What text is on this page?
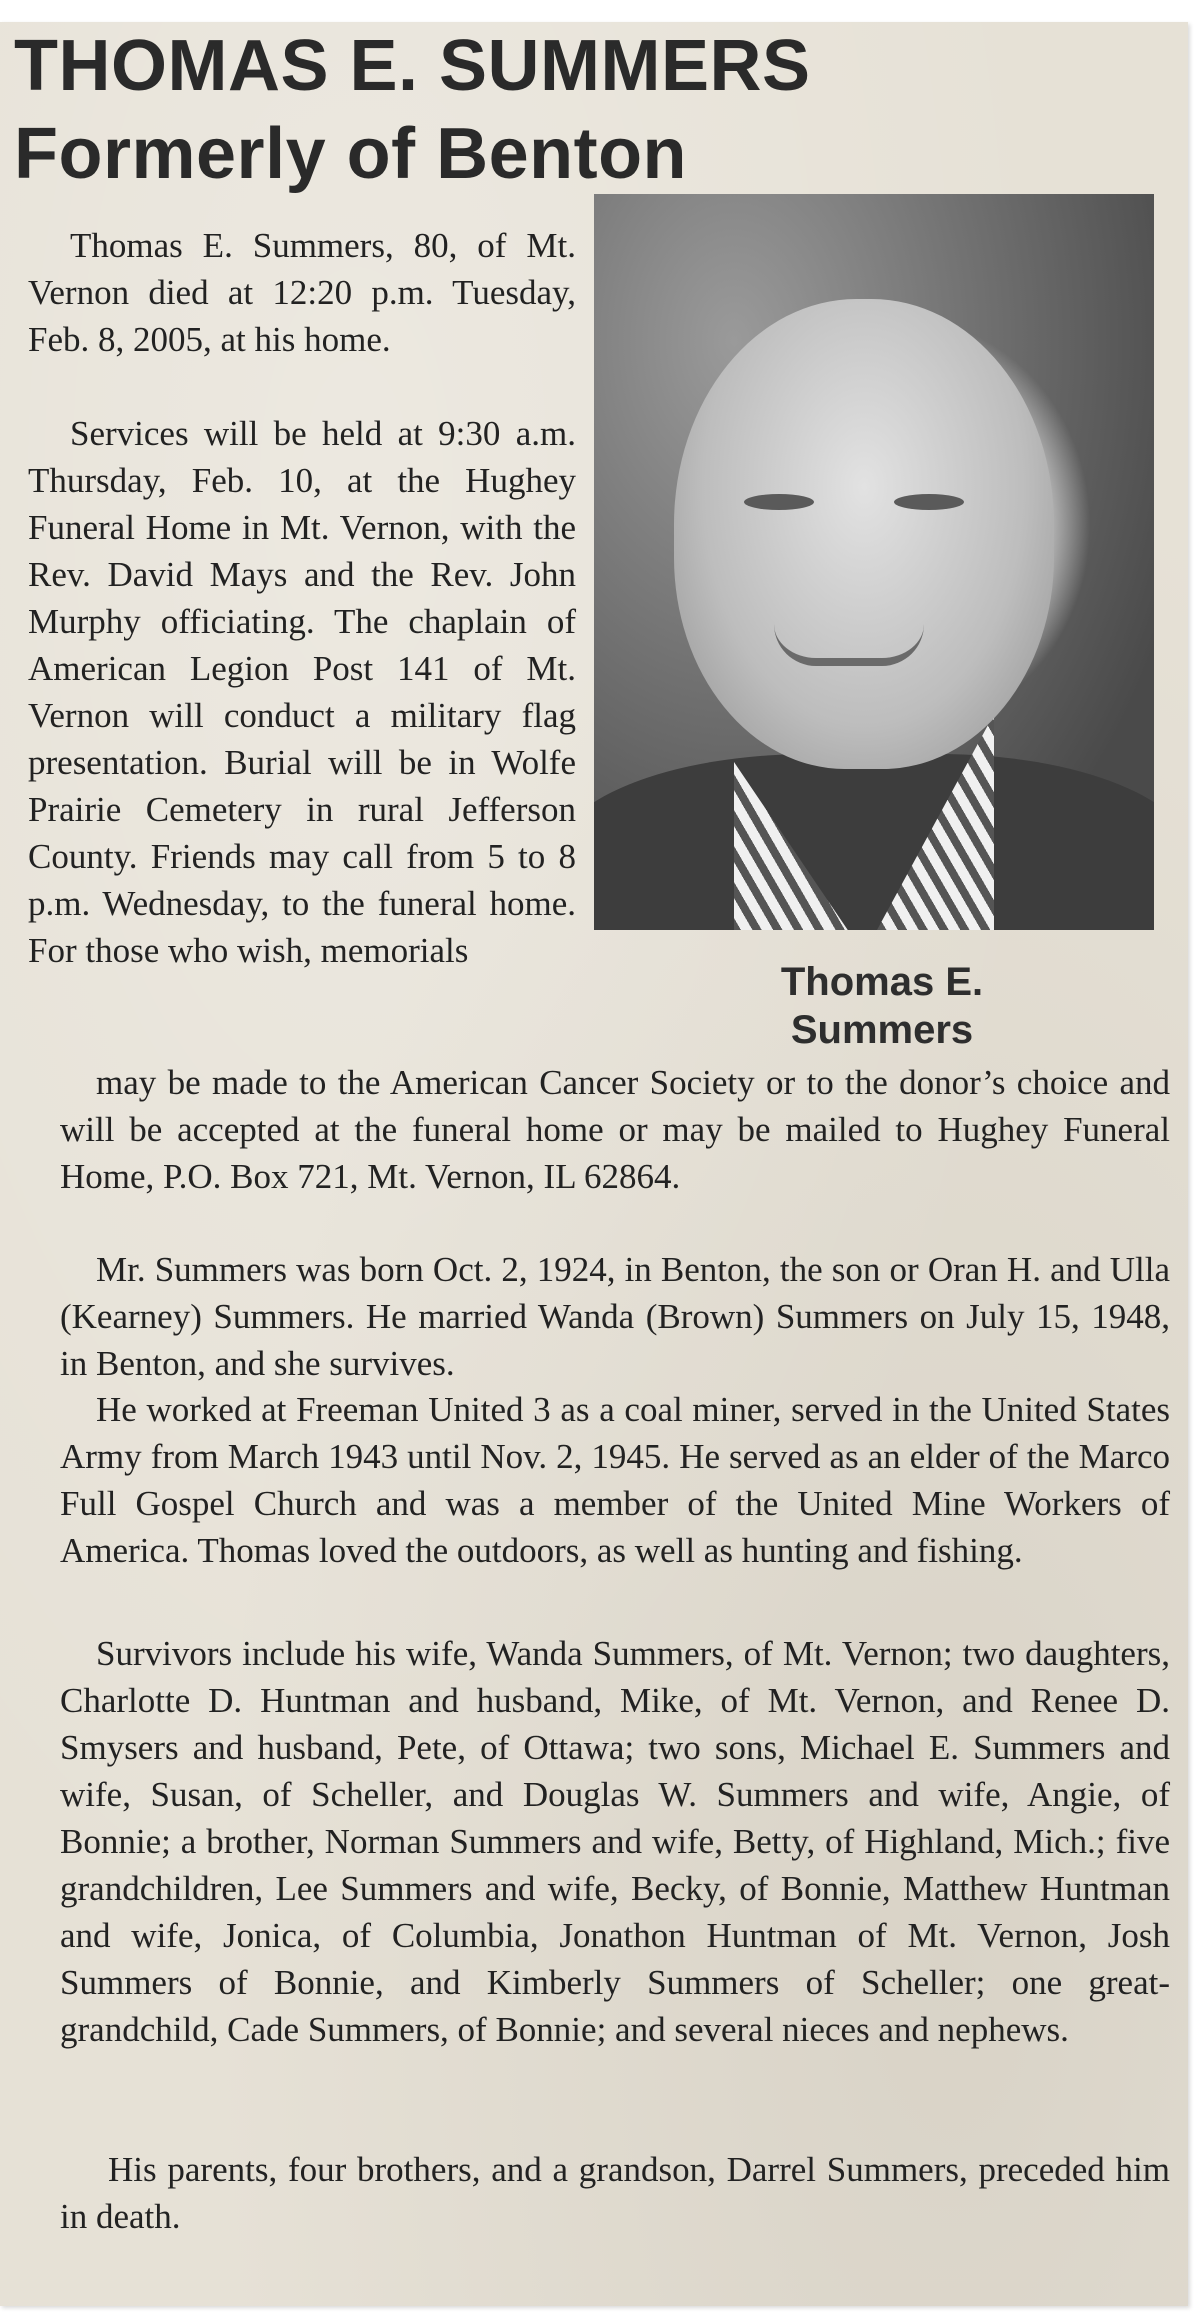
THOMAS E. SUMMERS
Formerly of Benton

Thomas E. Summers, 80, of Mt. Vernon died at 12:20 p.m. Tuesday, Feb. 8, 2005, at his home.

Services will be held at 9:30 a.m. Thursday, Feb. 10, at the Hughey Funeral Home in Mt. Vernon, with the Rev. David Mays and the Rev. John Murphy officiating. The chaplain of American Legion Post 141 of Mt. Vernon will conduct a military flag presentation. Burial will be in Wolfe Prairie Cemetery in rural Jefferson County. Friends may call from 5 to 8 p.m. Wednesday, to the funeral home. For those who wish, memorials

Thomas E. Summers

may be made to the American Cancer Society or to the donor’s choice and will be accepted at the funeral home or may be mailed to Hughey Funeral Home, P.O. Box 721, Mt. Vernon, IL 62864.

Mr. Summers was born Oct. 2, 1924, in Benton, the son or Oran H. and Ulla (Kearney) Summers. He married Wanda (Brown) Summers on July 15, 1948, in Benton, and she survives.

He worked at Freeman United 3 as a coal miner, served in the United States Army from March 1943 until Nov. 2, 1945. He served as an elder of the Marco Full Gospel Church and was a member of the United Mine Workers of America. Thomas loved the outdoors, as well as hunting and fishing.

Survivors include his wife, Wanda Summers, of Mt. Vernon; two daughters, Charlotte D. Huntman and husband, Mike, of Mt. Vernon, and Renee D. Smysers and husband, Pete, of Ottawa; two sons, Michael E. Summers and wife, Susan, of Scheller, and Douglas W. Summers and wife, Angie, of Bonnie; a brother, Norman Summers and wife, Betty, of Highland, Mich.; five grandchildren, Lee Summers and wife, Becky, of Bonnie, Matthew Huntman and wife, Jonica, of Columbia, Jonathon Huntman of Mt. Vernon, Josh Summers of Bonnie, and Kimberly Summers of Scheller; one great-grandchild, Cade Summers, of Bonnie; and several nieces and nephews.

His parents, four brothers, and a grandson, Darrel Summers, preceded him in death.
